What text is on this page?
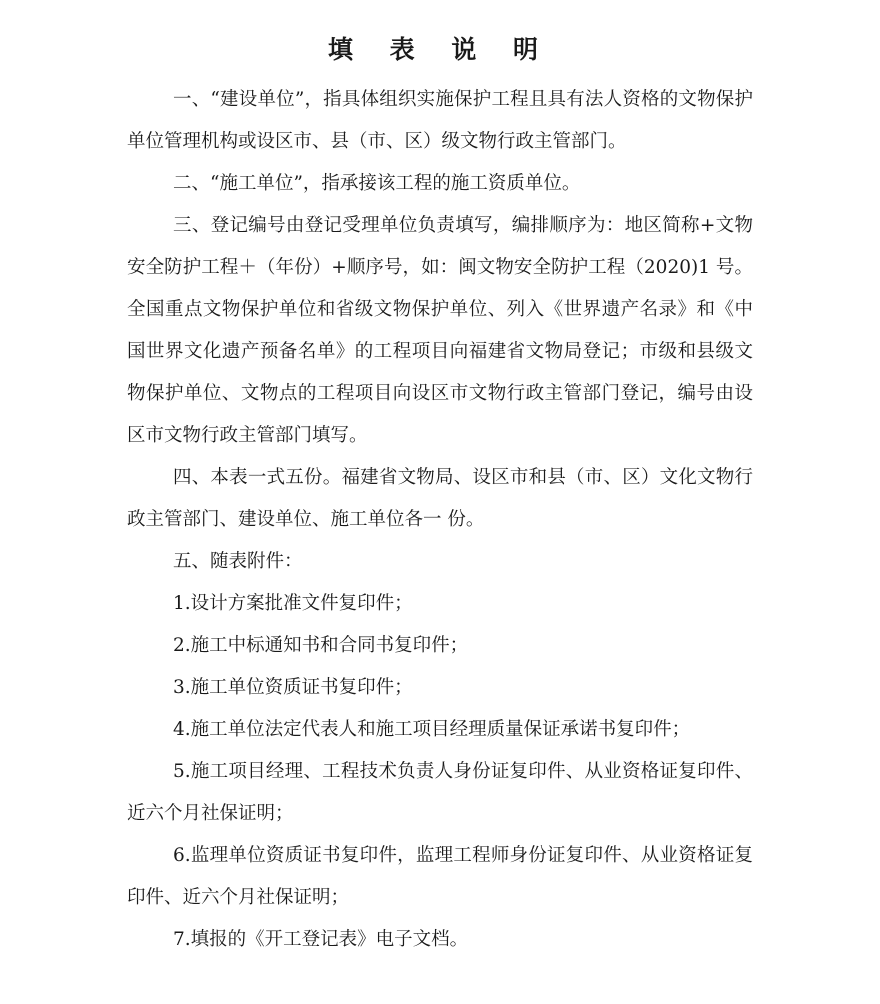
填 表 说 明

一、“建设单位”，指具体组织实施保护工程且具有法人资格的文物保护单位管理机构或设区市、县（市、区）级文物行政主管部门。

二、“施工单位”，指承接该工程的施工资质单位。

三、登记编号由登记受理单位负责填写，编排顺序为：地区简称+文物安全防护工程＋（年份）+顺序号，如：闽文物安全防护工程（2020)1 号。全国重点文物保护单位和省级文物保护单位、列入《世界遗产名录》和《中国世界文化遗产预备名单》的工程项目向福建省文物局登记；市级和县级文物保护单位、文物点的工程项目向设区市文物行政主管部门登记，编号由设区市文物行政主管部门填写。

四、本表一式五份。福建省文物局、设区市和县（市、区）文化文物行政主管部门、建设单位、施工单位各一 份。

五、随表附件：

1.设计方案批准文件复印件；

2.施工中标通知书和合同书复印件；

3.施工单位资质证书复印件；

4.施工单位法定代表人和施工项目经理质量保证承诺书复印件；

5.施工项目经理、工程技术负责人身份证复印件、从业资格证复印件、近六个月社保证明；

6.监理单位资质证书复印件，监理工程师身份证复印件、从业资格证复印件、近六个月社保证明；

7.填报的《开工登记表》电子文档。
